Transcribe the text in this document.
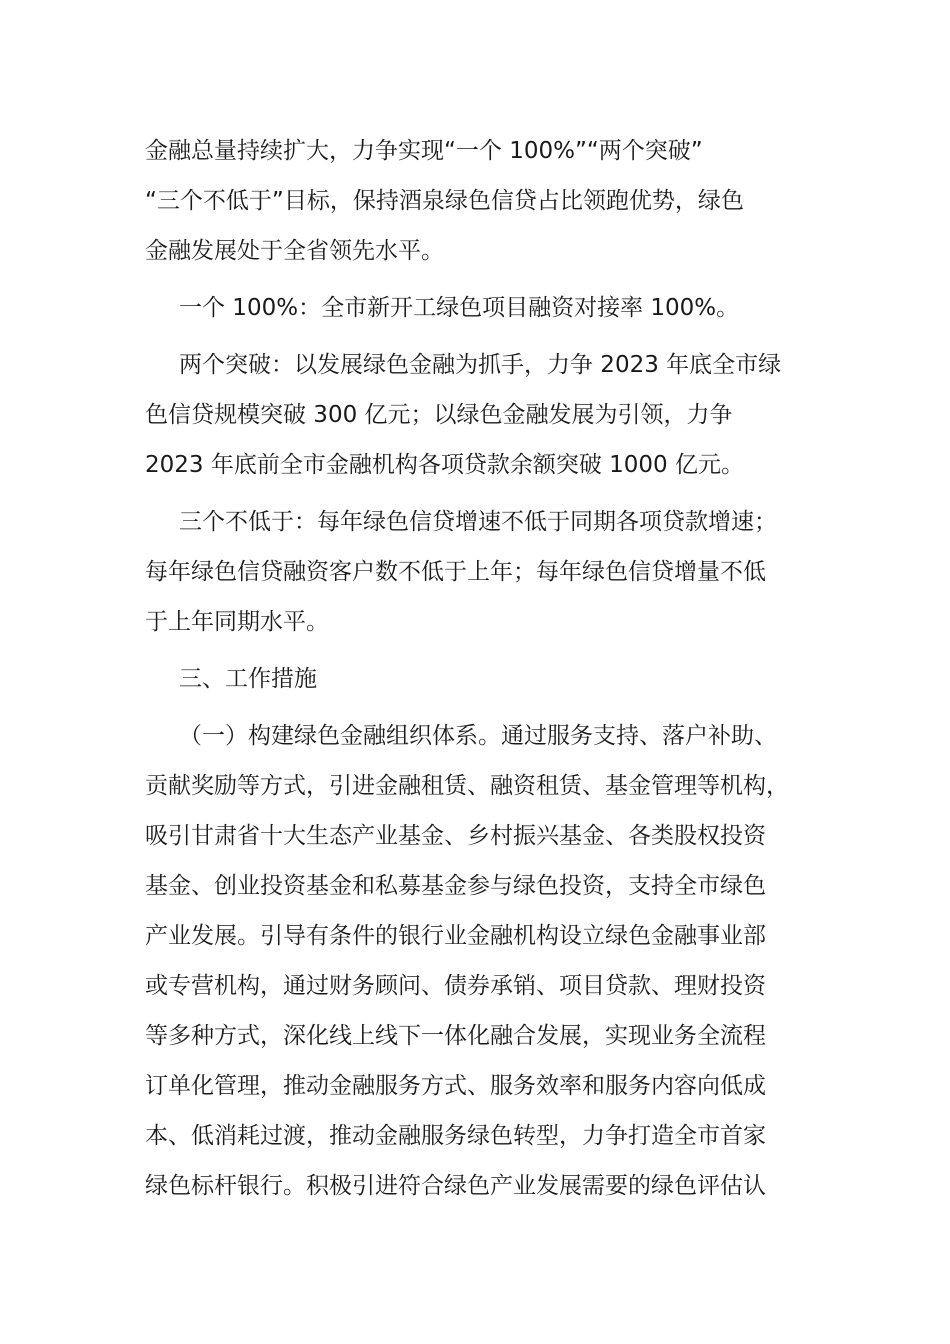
金融总量持续扩大，力争实现“一个 100%”“两个突破”
“三个不低于”目标，保持酒泉绿色信贷占比领跑优势，绿色
金融发展处于全省领先水平。
一个 100%：全市新开工绿色项目融资对接率 100%。
两个突破：以发展绿色金融为抓手，力争 2023 年底全市绿
色信贷规模突破 300 亿元；以绿色金融发展为引领，力争
2023 年底前全市金融机构各项贷款余额突破 1000 亿元。
三个不低于：每年绿色信贷增速不低于同期各项贷款增速；
每年绿色信贷融资客户数不低于上年；每年绿色信贷增量不低
于上年同期水平。
三、工作措施
（一）构建绿色金融组织体系。通过服务支持、落户补助、
贡献奖励等方式，引进金融租赁、融资租赁、基金管理等机构，
吸引甘肃省十大生态产业基金、乡村振兴基金、各类股权投资
基金、创业投资基金和私募基金参与绿色投资，支持全市绿色
产业发展。引导有条件的银行业金融机构设立绿色金融事业部
或专营机构，通过财务顾问、债券承销、项目贷款、理财投资
等多种方式，深化线上线下一体化融合发展，实现业务全流程
订单化管理，推动金融服务方式、服务效率和服务内容向低成
本、低消耗过渡，推动金融服务绿色转型，力争打造全市首家
绿色标杆银行。积极引进符合绿色产业发展需要的绿色评估认
